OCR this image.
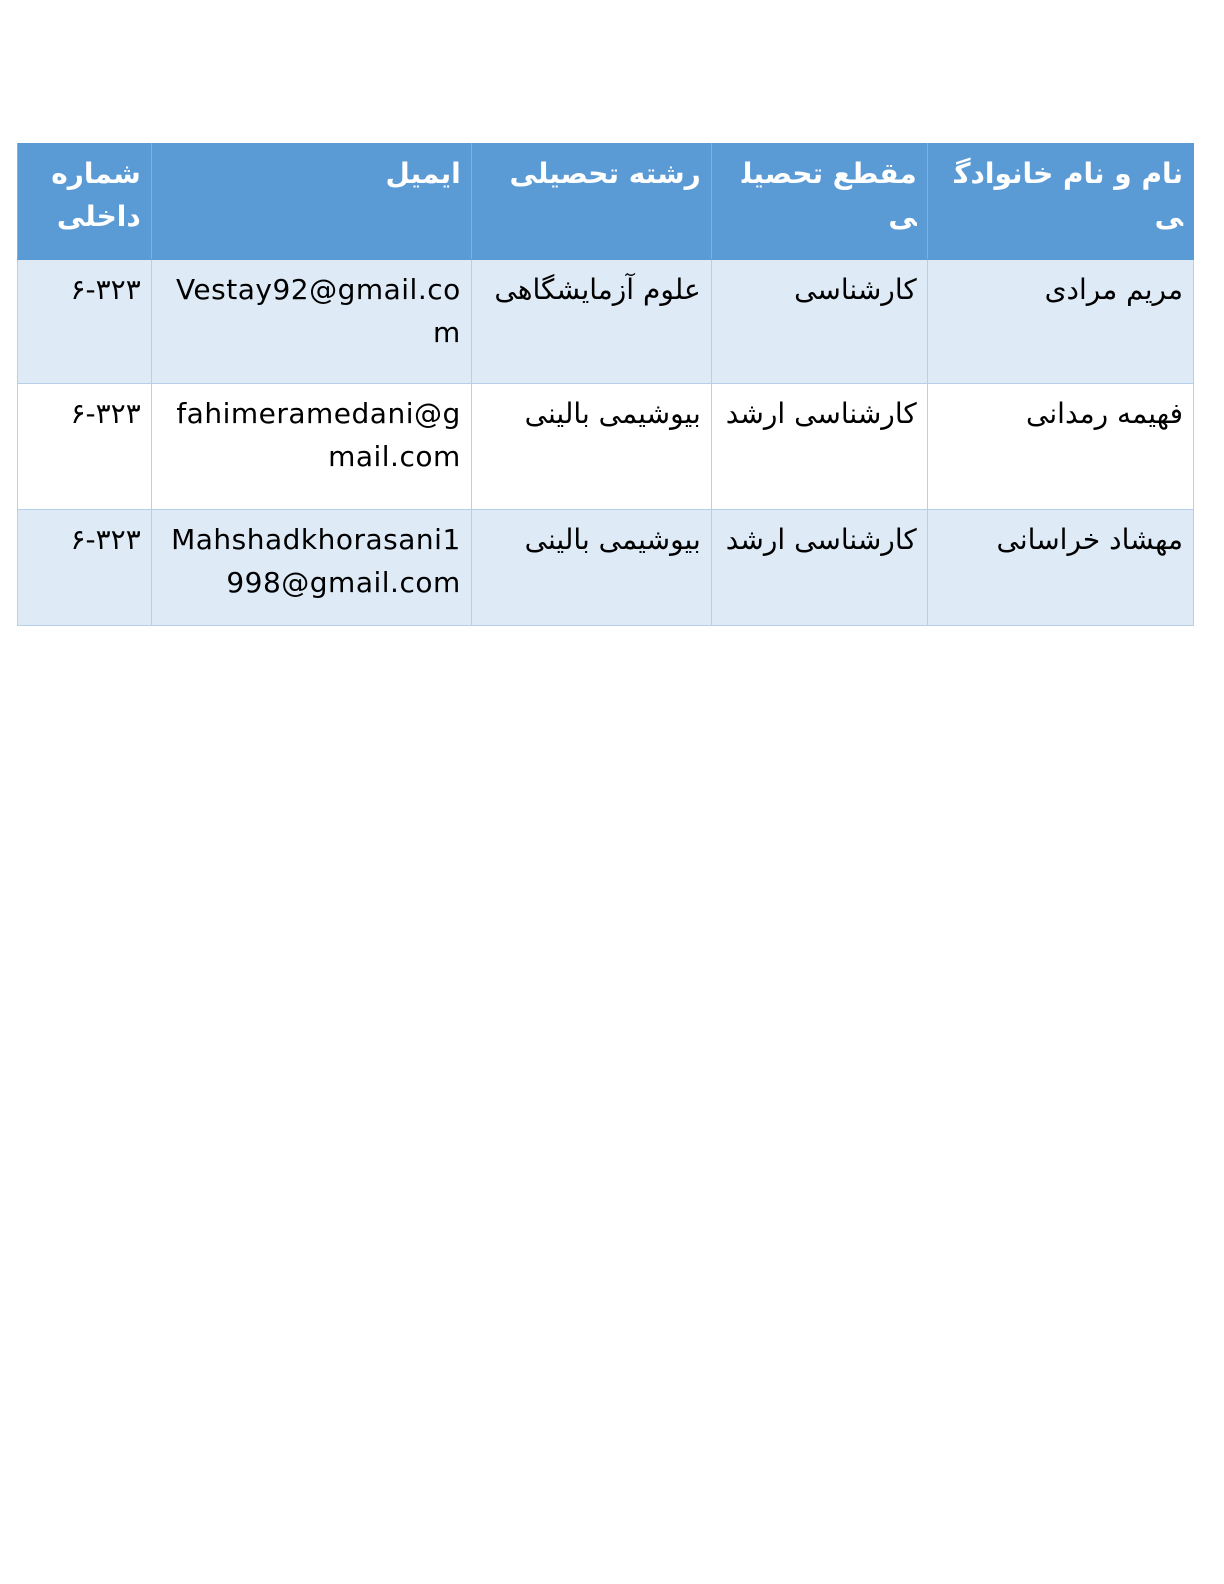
نام و نام خانوادگی	مقطع تحصیلی	رشته تحصیلی	ایمیل	شماره داخلی
مریم مرادی	کارشناسی	علوم آزمایشگاهی	Vestay92@gmail.com	۶-۳۲۳
فهیمه رمدانی	کارشناسی ارشد	بیوشیمی بالینی	fahimeramedani@gmail.com	۶-۳۲۳
مهشاد خراسانی	کارشناسی ارشد	بیوشیمی بالینی	Mahshadkhorasani1998@gmail.com	۶-۳۲۳
